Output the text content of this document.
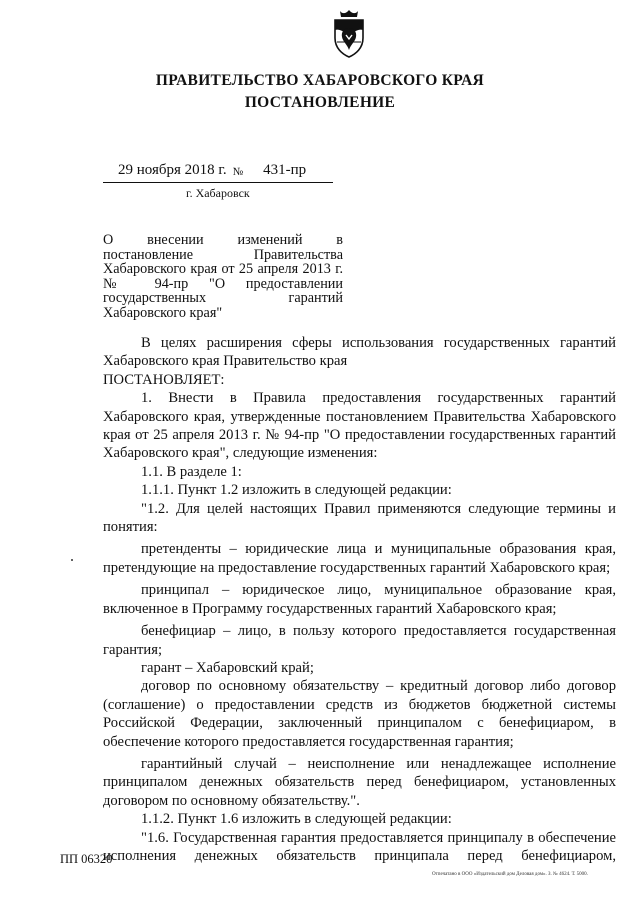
ПРАВИТЕЛЬСТВО ХАБАРОВСКОГО КРАЯ
ПОСТАНОВЛЕНИЕ
29 ноября 2018 г. № 431-пр
г. Хабаровск

О внесении изменений в постановление Правительства Хабаровского края от 25 апреля 2013 г. № 94-пр "О предоставлении государственных гарантий Хабаровского края"

В целях расширения сферы использования государственных гарантий Хабаровского края Правительство края

ПОСТАНОВЛЯЕТ:

1. Внести в Правила предоставления государственных гарантий Хабаровского края, утвержденные постановлением Правительства Хабаровского края от 25 апреля 2013 г. № 94-пр "О предоставлении государственных гарантий Хабаровского края", следующие изменения:

1.1. В разделе 1:

1.1.1. Пункт 1.2 изложить в следующей редакции:

"1.2. Для целей настоящих Правил применяются следующие термины и понятия:

претенденты – юридические лица и муниципальные образования края, претендующие на предоставление государственных гарантий Хабаровского края;

принципал – юридическое лицо, муниципальное образование края, включенное в Программу государственных гарантий Хабаровского края;

бенефициар – лицо, в пользу которого предоставляется государственная гарантия;

гарант – Хабаровский край;

договор по основному обязательству – кредитный договор либо договор (соглашение) о предоставлении средств из бюджетов бюджетной системы Российской Федерации, заключенный принципалом с бенефициаром, в обеспечение которого предоставляется государственная гарантия;

гарантийный случай – неисполнение или ненадлежащее исполнение принципалом денежных обязательств перед бенефициаром, установленных договором по основному обязательству.".

1.1.2. Пункт 1.6 изложить в следующей редакции:

"1.6. Государственная гарантия предоставляется принципалу в обеспечение исполнения денежных обязательств принципала перед бенефициаром,

ПП 06320
Отпечатано в ООО «Издательский дом Деловая дом». З. № 4624. Т. 5000.
